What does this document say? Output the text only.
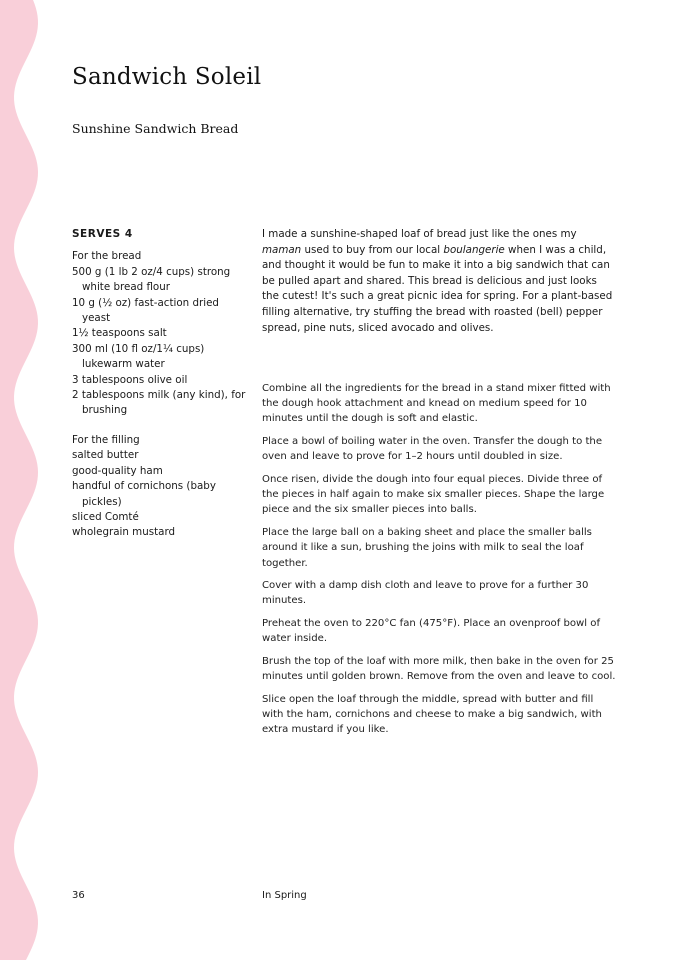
Sandwich Soleil
Sunshine Sandwich Bread
SERVES 4
For the bread
500 g (1 lb 2 oz/4 cups) strong white bread flour
10 g (½ oz) fast-action dried yeast
1½ teaspoons salt
300 ml (10 fl oz/1¼ cups) lukewarm water
3 tablespoons olive oil
2 tablespoons milk (any kind), for brushing
For the filling
salted butter
good-quality ham
handful of cornichons (baby pickles)
sliced Comté
wholegrain mustard

I made a sunshine-shaped loaf of bread just like the ones my maman used to buy from our local boulangerie when I was a child, and thought it would be fun to make it into a big sandwich that can be pulled apart and shared. This bread is delicious and just looks the cutest! It's such a great picnic idea for spring. For a plant-based filling alternative, try stuffing the bread with roasted (bell) pepper spread, pine nuts, sliced avocado and olives.

Combine all the ingredients for the bread in a stand mixer fitted with the dough hook attachment and knead on medium speed for 10 minutes until the dough is soft and elastic.
Place a bowl of boiling water in the oven. Transfer the dough to the oven and leave to prove for 1–2 hours until doubled in size.
Once risen, divide the dough into four equal pieces. Divide three of the pieces in half again to make six smaller pieces. Shape the large piece and the six smaller pieces into balls.
Place the large ball on a baking sheet and place the smaller balls around it like a sun, brushing the joins with milk to seal the loaf together.
Cover with a damp dish cloth and leave to prove for a further 30 minutes.
Preheat the oven to 220°C fan (475°F). Place an ovenproof bowl of water inside.
Brush the top of the loaf with more milk, then bake in the oven for 25 minutes until golden brown. Remove from the oven and leave to cool.
Slice open the loaf through the middle, spread with butter and fill with the ham, cornichons and cheese to make a big sandwich, with extra mustard if you like.
36	In Spring
